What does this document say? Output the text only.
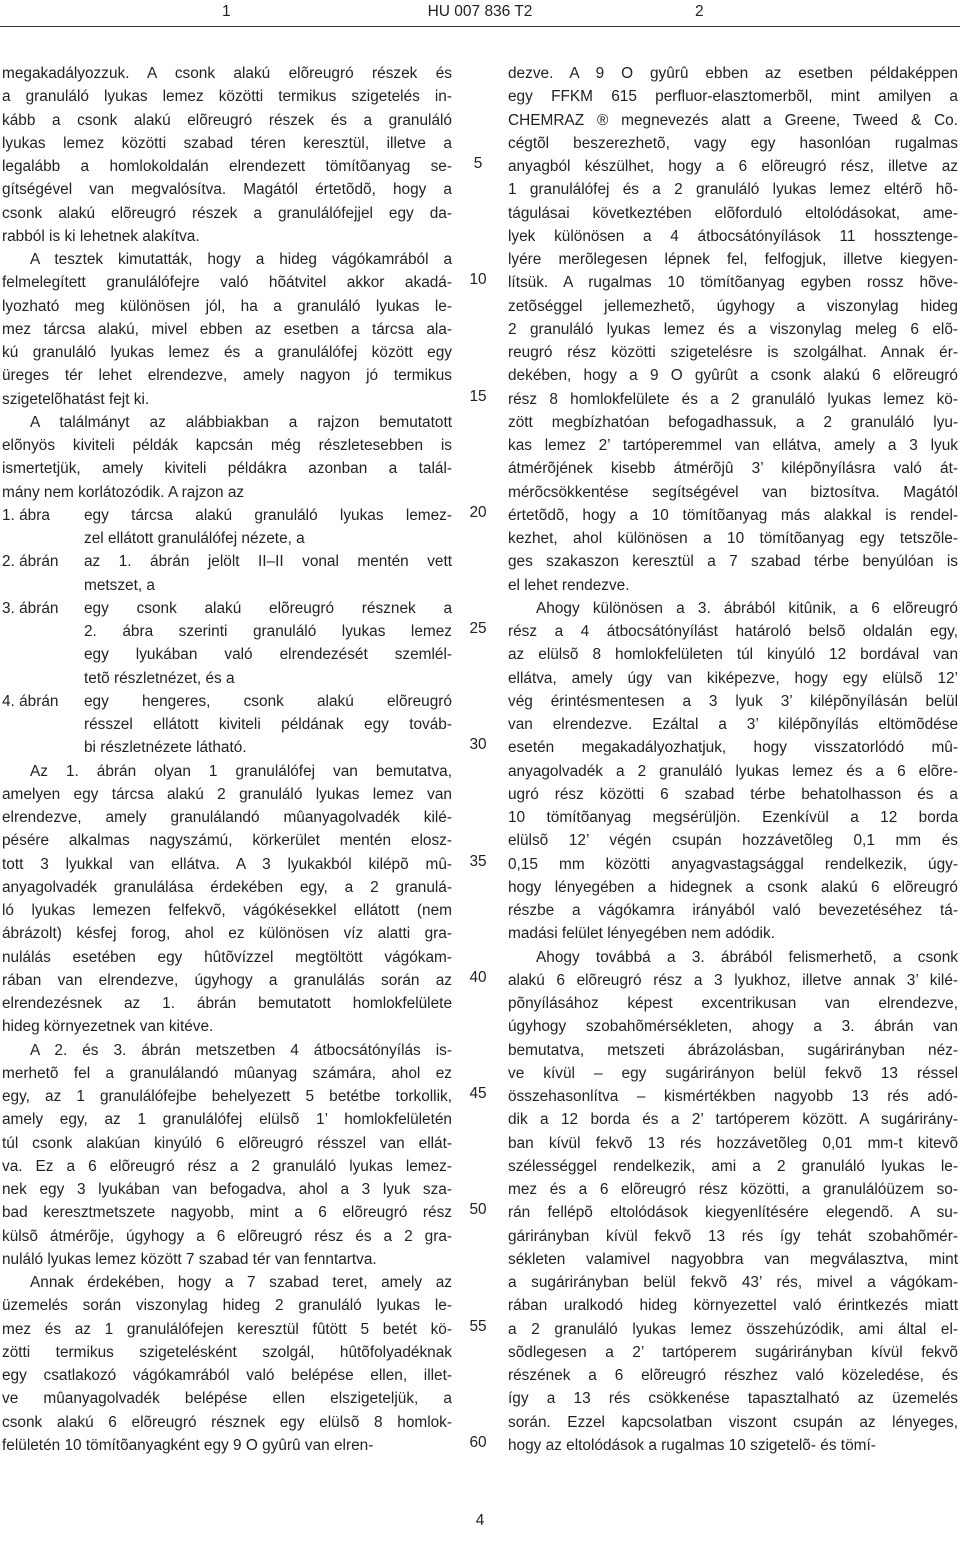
1	HU 007 836 T2	2

megakadályozzuk. A csonk alakú elõreugró részek és

a granuláló lyukas lemez közötti termikus szigetelés in-

kább a csonk alakú elõreugró részek és a granuláló

lyukas lemez közötti szabad téren keresztül, illetve a

legalább a homlokoldalán elrendezett tömítõanyag se-

gítségével van megvalósítva. Magától értetõdõ, hogy a

csonk alakú elõreugró részek a granulálófejjel egy da-

rabból is ki lehetnek alakítva.

A tesztek kimutatták, hogy a hideg vágókamrából a

felmelegített granulálófejre való hõátvitel akkor akadá-

lyozható meg különösen jól, ha a granuláló lyukas le-

mez tárcsa alakú, mivel ebben az esetben a tárcsa ala-

kú granuláló lyukas lemez és a granulálófej között egy

üreges tér lehet elrendezve, amely nagyon jó termikus

szigetelõhatást fejt ki.

A találmányt az alábbiakban a rajzon bemutatott

elõnyös kiviteli példák kapcsán még részletesebben is

ismertetjük, amely kiviteli példákra azonban a talál-

mány nem korlátozódik. A rajzon az

1. ábra	egy tárcsa alakú granuláló lyukas lemez-
zel ellátott granulálófej nézete, a
2. ábrán	az 1. ábrán jelölt II–II vonal mentén vett
metszet, a
3. ábrán	egy csonk alakú elõreugró résznek a
2. ábra szerinti granuláló lyukas lemez
egy lyukában való elrendezését szemlél-
tetõ részletnézet, és a
4. ábrán	egy hengeres, csonk alakú elõreugró
résszel ellátott kiviteli példának egy továb-
bi részletnézete látható.

Az 1. ábrán olyan 1 granulálófej van bemutatva,

amelyen egy tárcsa alakú 2 granuláló lyukas lemez van

elrendezve, amely granulálandó mûanyagolvadék kilé-

pésére alkalmas nagyszámú, körkerület mentén elosz-

tott 3 lyukkal van ellátva. A 3 lyukakból kilépõ mû-

anyagolvadék granulálása érdekében egy, a 2 granulá-

ló lyukas lemezen felfekvõ, vágókésekkel ellátott (nem

ábrázolt) késfej forog, ahol ez különösen víz alatti gra-

nulálás esetében egy hûtõvízzel megtöltött vágókam-

rában van elrendezve, úgyhogy a granulálás során az

elrendezésnek az 1. ábrán bemutatott homlokfelülete

hideg környezetnek van kitéve.

A 2. és 3. ábrán metszetben 4 átbocsátónyílás is-

merhetõ fel a granulálandó mûanyag számára, ahol ez

egy, az 1 granulálófejbe behelyezett 5 betétbe torkollik,

amely egy, az 1 granulálófej elülsõ 1’ homlokfelületén

túl csonk alakúan kinyúló 6 elõreugró résszel van ellát-

va. Ez a 6 elõreugró rész a 2 granuláló lyukas lemez-

nek egy 3 lyukában van befogadva, ahol a 3 lyuk sza-

bad keresztmetszete nagyobb, mint a 6 elõreugró rész

külsõ átmérõje, úgyhogy a 6 elõreugró rész és a 2 gra-

nuláló lyukas lemez között 7 szabad tér van fenntartva.

Annak érdekében, hogy a 7 szabad teret, amely az

üzemelés során viszonylag hideg 2 granuláló lyukas le-

mez és az 1 granulálófejen keresztül fûtött 5 betét kö-

zötti termikus szigetelésként szolgál, hûtõfolyadéknak

egy csatlakozó vágókamrából való belépése ellen, illet-

ve mûanyagolvadék belépése ellen elszigeteljük, a

csonk alakú 6 elõreugró résznek egy elülsõ 8 homlok-

felületén 10 tömítõanyagként egy 9 O gyûrû van elren-

5
10
15
20
25
30
35
40
45
50
55
60

dezve. A 9 O gyûrû ebben az esetben példaképpen

egy FFKM 615 perfluor-elasztomerbõl, mint amilyen a

CHEMRAZ ® megnevezés alatt a Greene, Tweed & Co.

cégtõl beszerezhetõ, vagy egy hasonlóan rugalmas

anyagból készülhet, hogy a 6 elõreugró rész, illetve az

1 granulálófej és a 2 granuláló lyukas lemez eltérõ hõ-

tágulásai következtében elõforduló eltolódásokat, ame-

lyek különösen a 4 átbocsátónyílások 11 hossztenge-

lyére merõlegesen lépnek fel, felfogjuk, illetve kiegyen-

lítsük. A rugalmas 10 tömítõanyag egyben rossz hõve-

zetõséggel jellemezhetõ, úgyhogy a viszonylag hideg

2 granuláló lyukas lemez és a viszonylag meleg 6 elõ-

reugró rész közötti szigetelésre is szolgálhat. Annak ér-

dekében, hogy a 9 O gyûrût a csonk alakú 6 elõreugró

rész 8 homlokfelülete és a 2 granuláló lyukas lemez kö-

zött megbízhatóan befogadhassuk, a 2 granuláló lyu-

kas lemez 2’ tartóperemmel van ellátva, amely a 3 lyuk

átmérõjének kisebb átmérõjû 3’ kilépõnyílásra való át-

mérõcsökkentése segítségével van biztosítva. Magától

értetõdõ, hogy a 10 tömítõanyag más alakkal is rendel-

kezhet, ahol különösen a 10 tömítõanyag egy tetszõle-

ges szakaszon keresztül a 7 szabad térbe benyúlóan is

el lehet rendezve.

Ahogy különösen a 3. ábrából kitûnik, a 6 elõreugró

rész a 4 átbocsátónyílást határoló belsõ oldalán egy,

az elülsõ 8 homlokfelületen túl kinyúló 12 bordával van

ellátva, amely úgy van kiképezve, hogy egy elülsõ 12’

vég érintésmentesen a 3 lyuk 3’ kilépõnyílásán belül

van elrendezve. Ezáltal a 3’ kilépõnyílás eltömõdése

esetén megakadályozhatjuk, hogy visszatorlódó mû-

anyagolvadék a 2 granuláló lyukas lemez és a 6 elõre-

ugró rész közötti 6 szabad térbe behatolhasson és a

10 tömítõanyag megsérüljön. Ezenkívül a 12 borda

elülsõ 12’ végén csupán hozzávetõleg 0,1 mm és

0,15 mm közötti anyagvastagsággal rendelkezik, úgy-

hogy lényegében a hidegnek a csonk alakú 6 elõreugró

részbe a vágókamra irányából való bevezetéséhez tá-

madási felület lényegében nem adódik.

Ahogy továbbá a 3. ábrából felismerhetõ, a csonk

alakú 6 elõreugró rész a 3 lyukhoz, illetve annak 3’ kilé-

põnyílásához képest excentrikusan van elrendezve,

úgyhogy szobahõmérsékleten, ahogy a 3. ábrán van

bemutatva, metszeti ábrázolásban, sugárirányban néz-

ve kívül – egy sugárirányon belül fekvõ 13 réssel

összehasonlítva – kismértékben nagyobb 13 rés adó-

dik a 12 borda és a 2’ tartóperem között. A sugárirány-

ban kívül fekvõ 13 rés hozzávetõleg 0,01 mm-t kitevõ

szélességgel rendelkezik, ami a 2 granuláló lyukas le-

mez és a 6 elõreugró rész közötti, a granulálóüzem so-

rán fellépõ eltolódások kiegyenlítésére elegendõ. A su-

gárirányban kívül fekvõ 13 rés így tehát szobahõmér-

sékleten valamivel nagyobbra van megválasztva, mint

a sugárirányban belül fekvõ 43’ rés, mivel a vágókam-

rában uralkodó hideg környezettel való érintkezés miatt

a 2 granuláló lyukas lemez összehúzódik, ami által el-

sõdlegesen a 2’ tartóperem sugárirányban kívül fekvõ

részének a 6 elõreugró részhez való közeledése, és

így a 13 rés csökkenése tapasztalható az üzemelés

során. Ezzel kapcsolatban viszont csupán az lényeges,

hogy az eltolódások a rugalmas 10 szigetelõ- és tömí-

4
